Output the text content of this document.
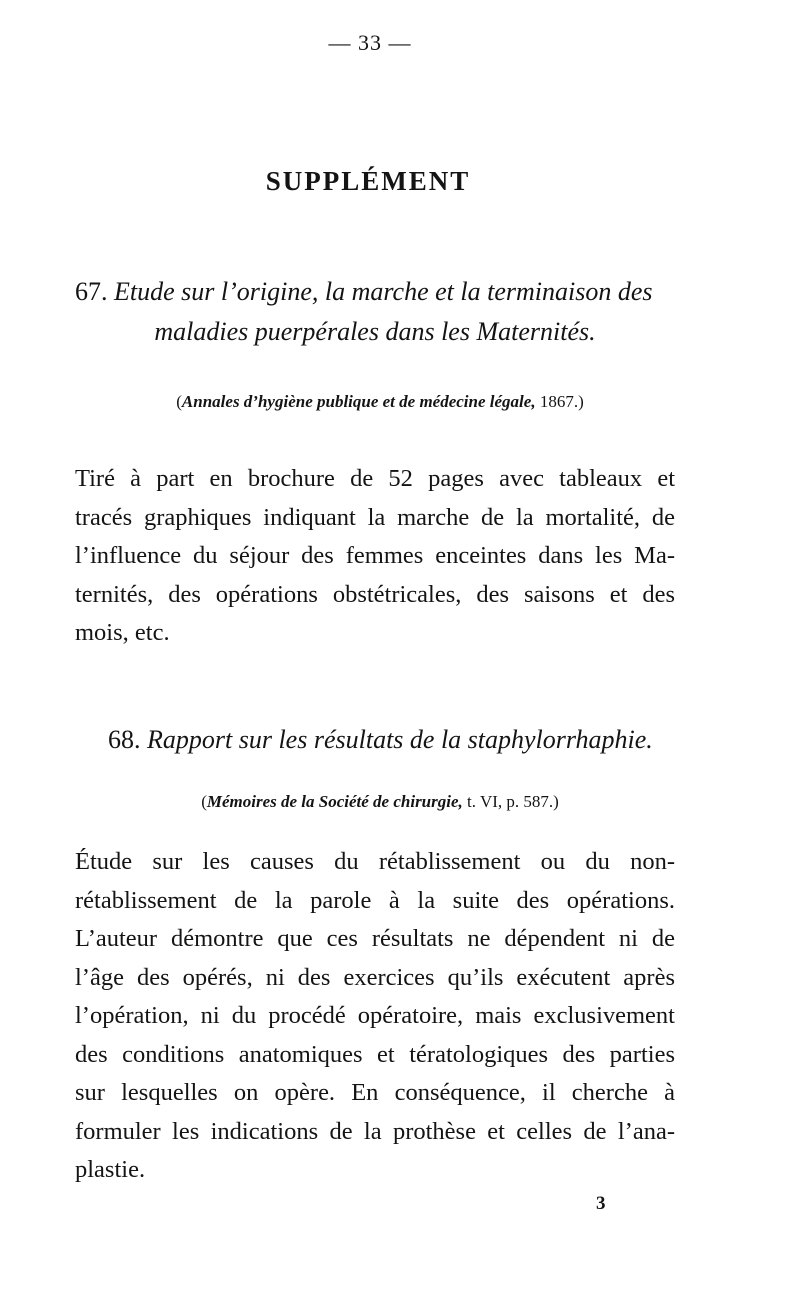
— 33 —
SUPPLÉMENT
67. Etude sur l’origine, la marche et la terminaison des
maladies puerpérales dans les Maternités.
(Annales d’hygiène publique et de médecine légale, 1867.)
Tiré à part en brochure de 52 pages avec tableaux et
tracés graphiques indiquant la marche de la mortalité, de
l’influence du séjour des femmes enceintes dans les Ma-
ternités, des opérations obstétricales, des saisons et des
mois, etc.
68. Rapport sur les résultats de la staphylorrhaphie.
(Mémoires de la Société de chirurgie, t. VI, p. 587.)
Étude sur les causes du rétablissement ou du non-
rétablissement de la parole à la suite des opérations.
L’auteur démontre que ces résultats ne dépendent ni de
l’âge des opérés, ni des exercices qu’ils exécutent après
l’opération, ni du procédé opératoire, mais exclusivement
des conditions anatomiques et tératologiques des parties
sur lesquelles on opère. En conséquence, il cherche à
formuler les indications de la prothèse et celles de l’ana-
plastie.
3
